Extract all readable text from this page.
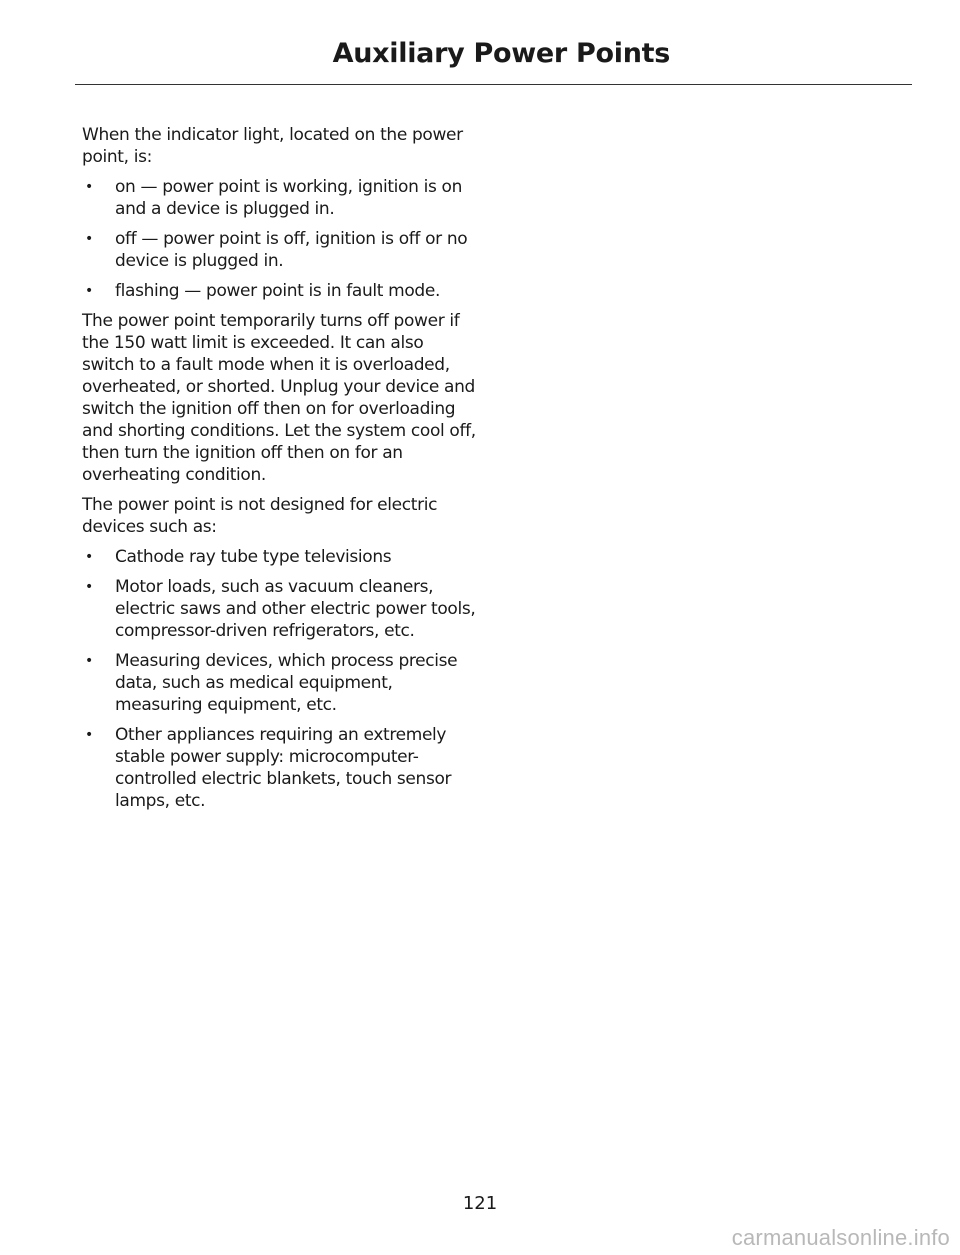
Auxiliary Power Points

When the indicator light, located on the power point, is:

• on — power point is working, ignition is on and a device is plugged in.
• off — power point is off, ignition is off or no device is plugged in.
• flashing — power point is in fault mode.

The power point temporarily turns off power if the 150 watt limit is exceeded. It can also switch to a fault mode when it is overloaded, overheated, or shorted. Unplug your device and switch the ignition off then on for overloading and shorting conditions. Let the system cool off, then turn the ignition off then on for an overheating condition.

The power point is not designed for electric devices such as:

• Cathode ray tube type televisions
• Motor loads, such as vacuum cleaners, electric saws and other electric power tools, compressor-driven refrigerators, etc.
• Measuring devices, which process precise data, such as medical equipment, measuring equipment, etc.
• Other appliances requiring an extremely stable power supply: microcomputer-controlled electric blankets, touch sensor lamps, etc.
121
carmanualsonline.info
